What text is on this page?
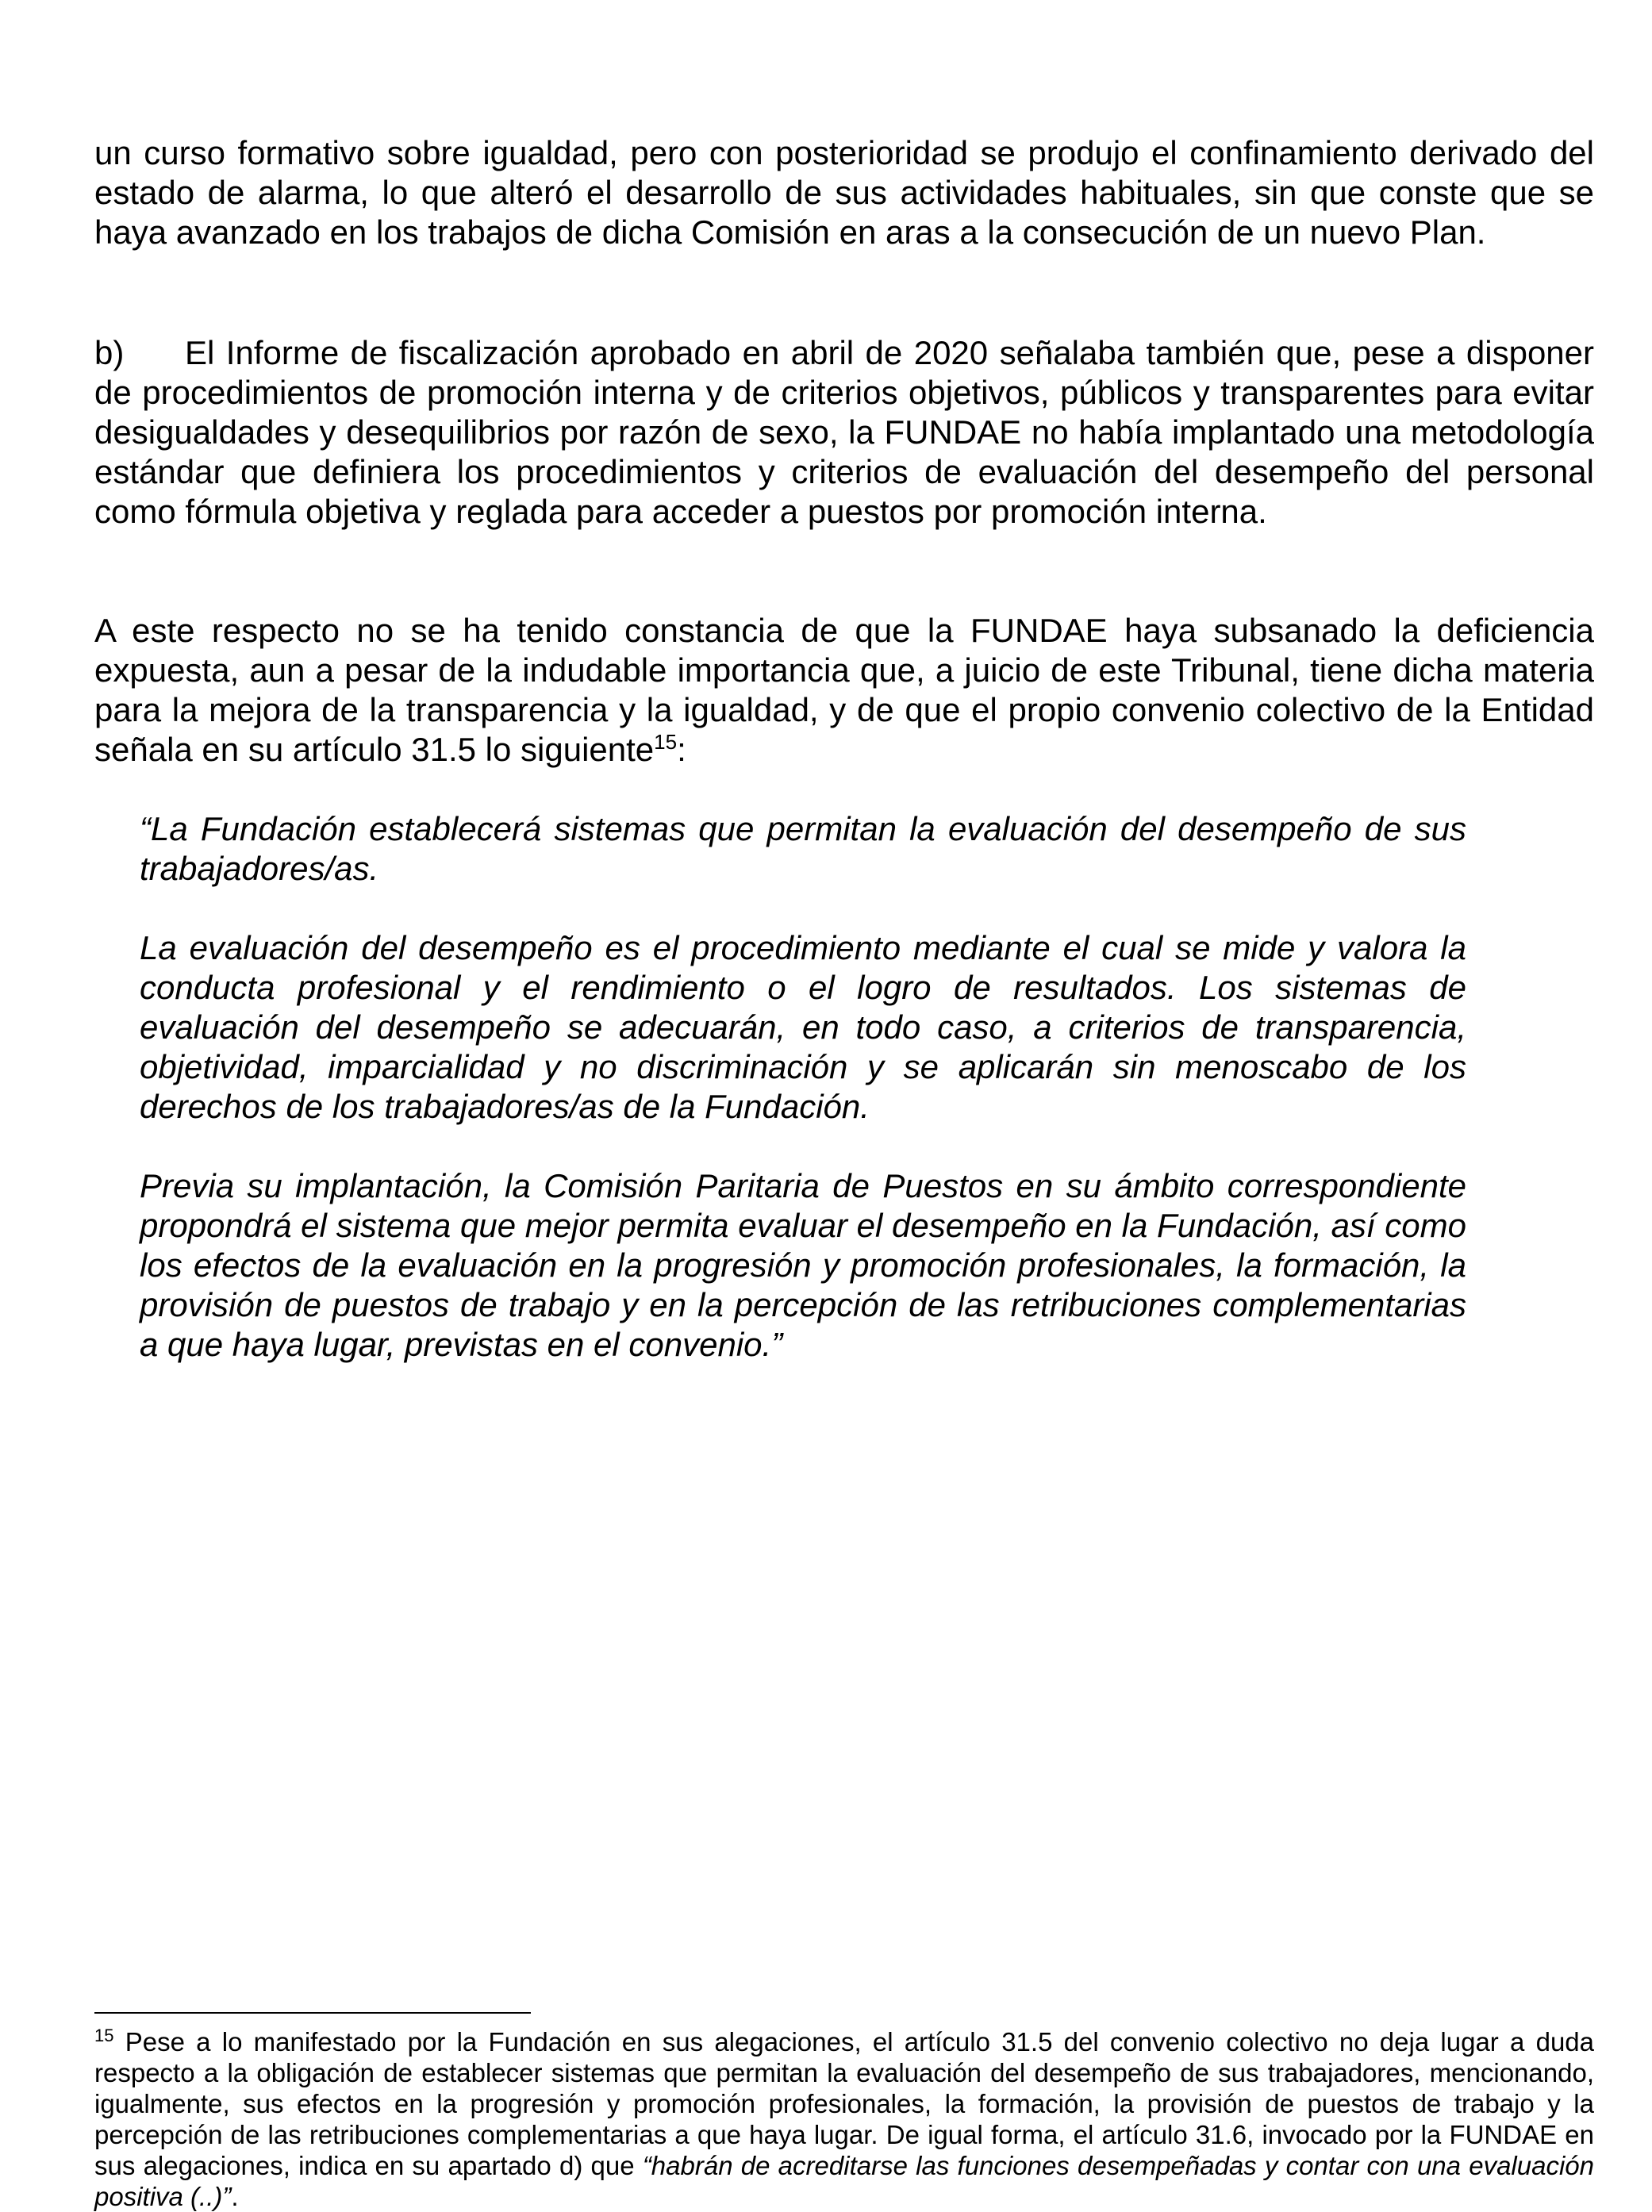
un curso formativo sobre igualdad, pero con posterioridad se produjo el confinamiento derivado del estado de alarma, lo que alteró el desarrollo de sus actividades habituales, sin que conste que se haya avanzado en los trabajos de dicha Comisión en aras a la consecución de un nuevo Plan.

b) El Informe de fiscalización aprobado en abril de 2020 señalaba también que, pese a disponer de procedimientos de promoción interna y de criterios objetivos, públicos y transparentes para evitar desigualdades y desequilibrios por razón de sexo, la FUNDAE no había implantado una metodología estándar que definiera los procedimientos y criterios de evaluación del desempeño del personal como fórmula objetiva y reglada para acceder a puestos por promoción interna.

A este respecto no se ha tenido constancia de que la FUNDAE haya subsanado la deficiencia expuesta, aun a pesar de la indudable importancia que, a juicio de este Tribunal, tiene dicha materia para la mejora de la transparencia y la igualdad, y de que el propio convenio colectivo de la Entidad señala en su artículo 31.5 lo siguiente$^{15}$:

“La Fundación establecerá sistemas que permitan la evaluación del desempeño de sus trabajadores/as.

La evaluación del desempeño es el procedimiento mediante el cual se mide y valora la conducta profesional y el rendimiento o el logro de resultados. Los sistemas de evaluación del desempeño se adecuarán, en todo caso, a criterios de transparencia, objetividad, imparcialidad y no discriminación y se aplicarán sin menoscabo de los derechos de los trabajadores/as de la Fundación.

Previa su implantación, la Comisión Paritaria de Puestos en su ámbito correspondiente propondrá el sistema que mejor permita evaluar el desempeño en la Fundación, así como los efectos de la evaluación en la progresión y promoción profesionales, la formación, la provisión de puestos de trabajo y en la percepción de las retribuciones complementarias a que haya lugar, previstas en el convenio.”

$^{15}$ Pese a lo manifestado por la Fundación en sus alegaciones, el artículo 31.5 del convenio colectivo no deja lugar a duda respecto a la obligación de establecer sistemas que permitan la evaluación del desempeño de sus trabajadores, mencionando, igualmente, sus efectos en la progresión y promoción profesionales, la formación, la provisión de puestos de trabajo y la percepción de las retribuciones complementarias a que haya lugar. De igual forma, el artículo 31.6, invocado por la FUNDAE en sus alegaciones, indica en su apartado d) que “habrán de acreditarse las funciones desempeñadas y contar con una evaluación positiva (..)”.
